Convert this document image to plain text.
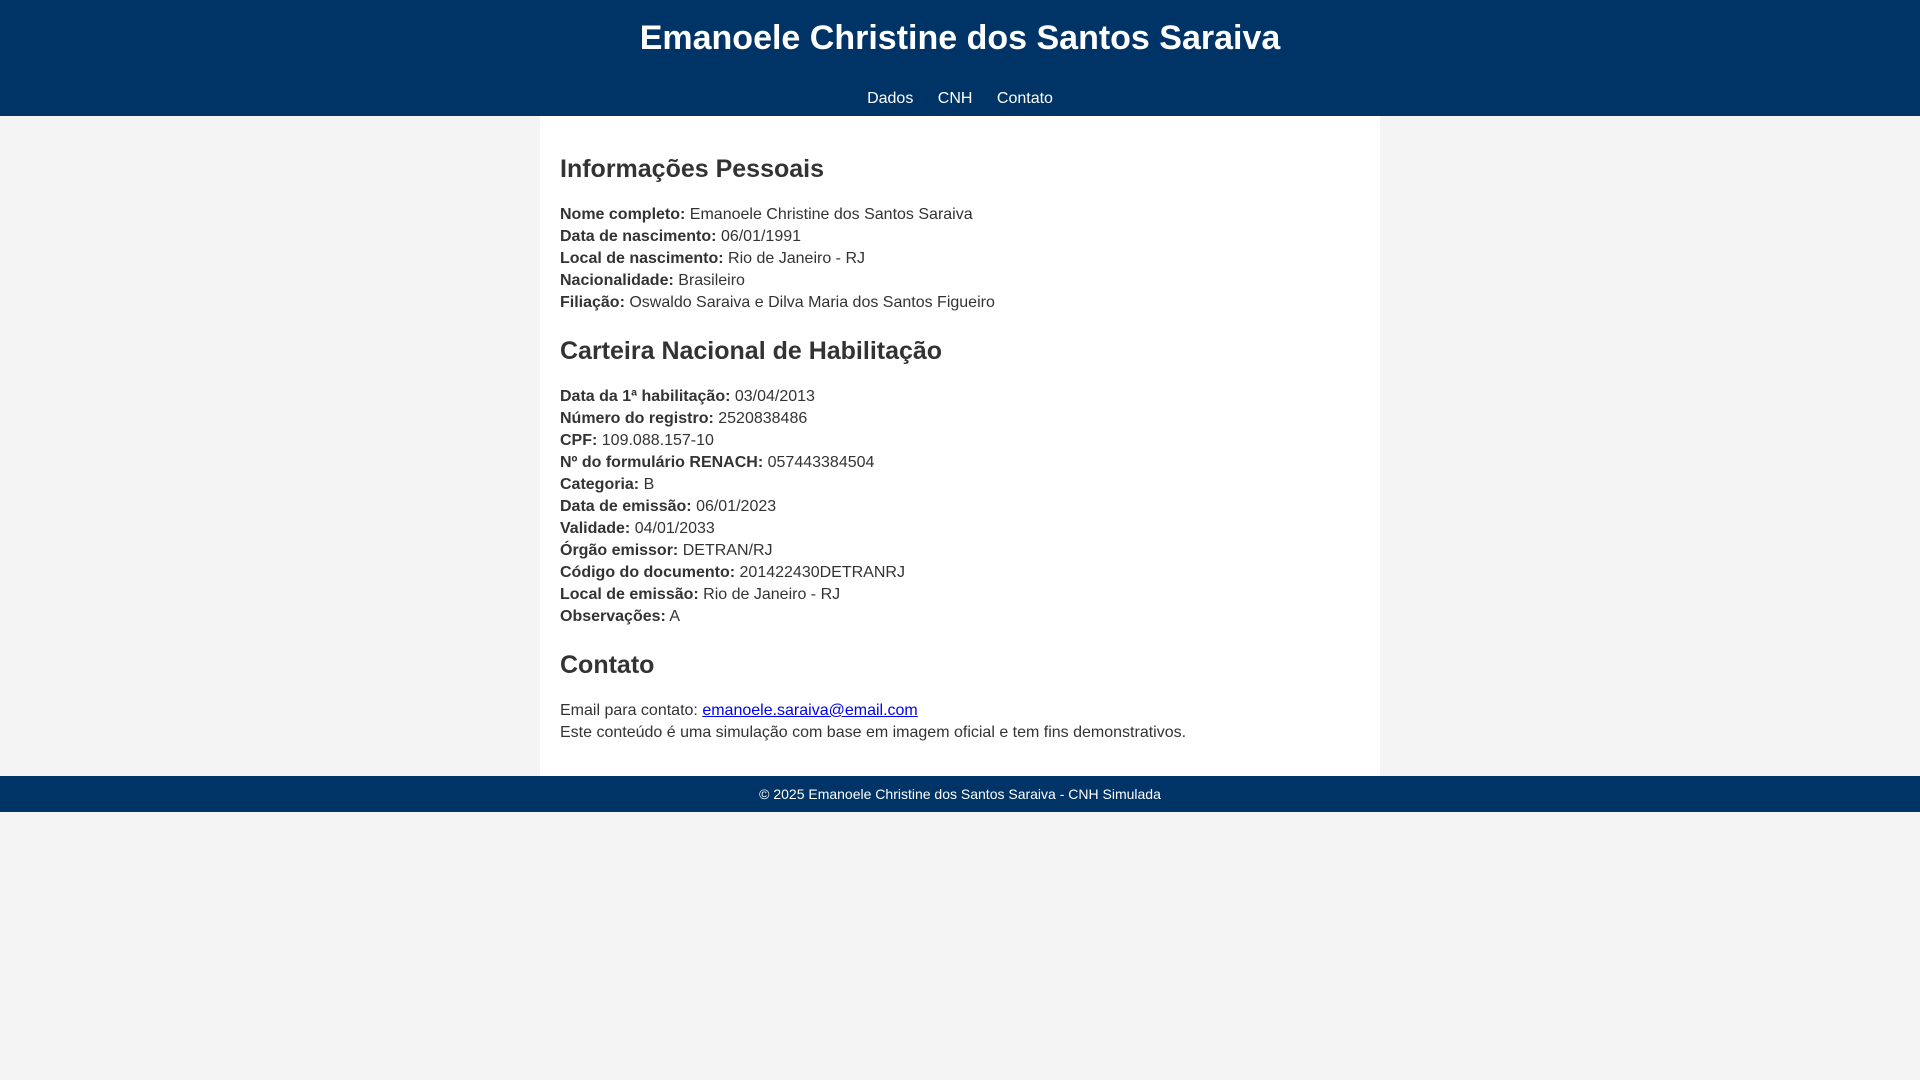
Emanoele Christine dos Santos Saraiva
Dados CNH Contato
Informações Pessoais
Nome completo: Emanoele Christine dos Santos Saraiva
Data de nascimento: 06/01/1991
Local de nascimento: Rio de Janeiro - RJ
Nacionalidade: Brasileiro
Filiação: Oswaldo Saraiva e Dilva Maria dos Santos Figueiro
Carteira Nacional de Habilitação
Data da 1ª habilitação: 03/04/2013
Número do registro: 2520838486
CPF: 109.088.157-10
Nº do formulário RENACH: 057443384504
Categoria: B
Data de emissão: 06/01/2023
Validade: 04/01/2033
Órgão emissor: DETRAN/RJ
Código do documento: 201422430DETRANRJ
Local de emissão: Rio de Janeiro - RJ
Observações: A
Contato

Email para contato: emanoele.saraiva@email.com

Este conteúdo é uma simulação com base em imagem oficial e tem fins demonstrativos.

© 2025 Emanoele Christine dos Santos Saraiva - CNH Simulada
